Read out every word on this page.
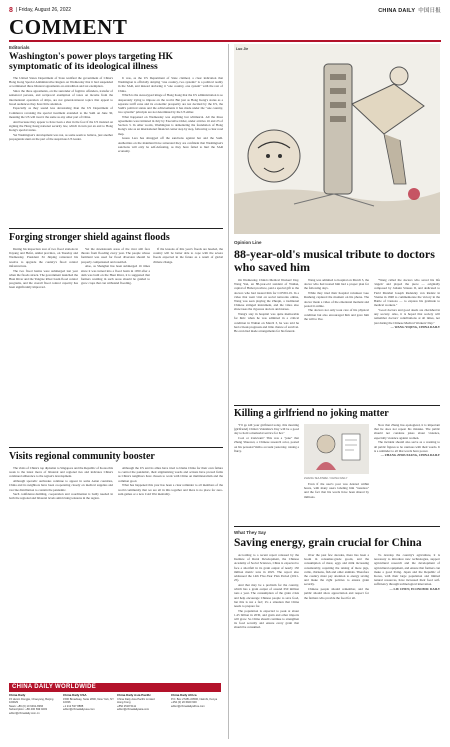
8 | Friday, August 26, 2022	CHINA DAILY 中国日报
COMMENT
Editorials
Washington's power ploys targeting HK symptomatic of its ideological illness

The United States Department of State testified the government of China's Hong Kong Special Administrative Region on Wednesday that it had suspended or terminated three bilateral agreements on extradition and tax exemption.

Since the three agreements, on the surrender of fugitive offenders, transfer of sentenced persons, and reciprocal exemption of taxes on income from the international operation of ships, are not general-interest topics that appeal to broad audiences they have little attention.

Especially as they sound less devastating than the US Department of Commerce revoking the special treatment extended to the SAR on June 30, meaning the US will treat it the same as any other part of China.

And because they appear to have been a shot in the foot if the US insisted on signing the Hong Kong national security law, which in turn put an end to Hong Kong's special status.

Yet Washington's development was not, as some seem to believe, just another propaganda stunt on the part of the suspicious US leader.

It was, as the US Department of State claimed, a clear indication that Washington is officially denying "one country, two systems" is a political reality in the SAR, and instead declaring it "one country, one system" with the rest of China.

Which is the stereotyped image of Hong Kong that the US administration is so desperately trying to impose on the world. But just as Hong Kong's status as a separate tariff zone and its economic prosperity are not decided by the US, the SAR's political status and the achievements it has made under the "one country, two systems" principle are not determined by the US either.

What happened on Wednesday was anything but whimsical. All the three agreements were initiated in July by Executive Order, under articles 16 and 23 of Section 3. In other words, Washington is demonizing the foundation of Hong Kong's role as an international financial center step by step, following a clear road map.

Guess Lara has shrugged off the sanctions against her and the SAR. Authorities on the mainland have reiterated they are confident that Washington's sanctions will only be self-defeating, as they have failed to hurt the SAR economy.

Forging stronger shield against floods

During his inspection tour of two flood stations in Jiayang and Hefei, Anhui province, on Tuesday and Wednesday, President Xi Jinping reiterated his resolve to upgrade the country's flood control infrastructure.

The two flood basins were submerged last year when the floods struck. The government launched the Huai River and the Yangtze River basin flood control programs, and the overall flood control capacity has been significantly improved.

Yet the downstream areas of the river still face threats from flooding every year. The people whose farmland was used for flood diversion should be properly compensated and resettled.

Also, as Shanghai has been submerged 16 times since it was turned into a flood basin in 1950 after a dam was built on the Huai River, it is suggested that farmers residing in such areas should be guided to grow crops that can withstand flooding.

If the lessons of this year's floods are heeded, the country will be better able to cope with the severe floods expected in the future as a result of global climate change.

Visits regional community booster

The visits of China's top diplomat to Singapore and the Republic of Korea this week is the latest move of bilateral and regional ties and indicates China's continued adherence to the region's development.

Although sporadic outbreaks continue to appear in some Asian countries, China and its neighbors have been cooperating closely on medical supplies and vaccine distribution to contain the pandemic.

Such confidence-building, cooperation and coordination is badly needed in both the regional and bilateral levels amid rising tensions in the region.

Although the US and its allies have tried to blame China for their own failure to control the pandemic, their stigmatizing words and actions have proved futile as China's neighbors have chosen to work with China on multilateralism and the common good.

What has happened this year has been a clear reminder to all members of the world community that we are all in this together and there is no place for zero-sum games or a new Cold War mentality.

CHINA DAILY WORLDWIDE
China Daily
15 Huixin Dongjie, Chaoyang, Beijing 100029
News: +86 (0) 10 6491-8366
Subscription: +86 400 699 0203
editor@chinadaily.com.cn
China Daily USA
1500 Broadway, Suite 2800, New York, NY 10036
+1 212 537 8888
editor@chinadailyusa.com
China Daily Asia Pacific
China Daily Asia Pacific Limited
Hong Kong
+852 2518 5111
editor@chinadailyasia.com
China Daily Africa
P.O. Box 27281-00506, Nairobi, Kenya
+254 (0) 20 6920 900
editor@chinadailyafrica.com
Luo Jie
Opinion Line
88-year-old's musical tribute to doctors who saved him

On Wednesday, China's Medical Workers' Day, Wang Yan, an 88-year-old resident of Wuhan, capital of Hubei province, paid a special gift to the doctors who had treated him for COVID-19. In a video that went viral on social networks online, Wang was seen playing the Zhuqin, a traditional Chinese stringed instrument, and the video also showcases the vigorous doctors and nurses.

Wang's stay in hospital was quite memorable for him: when he was admitted in a critical condition in Wuhan on March 3, he was told he had a bleak prognosis and little chance of survival. He even had made arrangements for his funeral.

Wang was admitted to hospital on March 3, the doctor who had treated him had a proper plan for the following days.

While they tried their hospital volunteer Guo Rusheng captured the moment on his phone. The doctor made a video of the emotional moment and posted it online.

The doctors not only took care of his physical condition but also encouraged him and gave him the will to live.

"Wang called the doctors who saved his life 'angels' and played the piece — originally composed by Johann Strauss II, and dedicated to Field Marshal Joseph Radetzky von Radetz in Vienna in 1848 to commemorate the victory in the Battle of Custoza — to express his gratitude to medical workers."

"Good doctors and good deeds are cherished in any society. Also, it is hoped that society will remember doctors' contributions at all times, not just during the Chinese Medical Workers' Day."

— WANG YIQING, CHINA DAILY

Killing a girlfriend no joking matter

"I'll go kill your girlfriend today, this morning (girlfriend) China's Valentine's Day will be a good day to hold a memorial service for her."

Cool or irrelevant? This was a "joke" that Zhang Shuowei, a Chinese research actor, posted on his personal Weibo account yesterday, raising a flurry.

ZHANG SHUOWEI / CHINA DAILY

Even if the user's post was deleted within hours, with many users labeling him "tasteless" and the fact that his words have been shared by millions.

Now that Zhang has apologized, it is important that he does not repeat his mistake. The public should not condone jokes about violence, especially violence against women.

The incident should also serve as a warning to all public figures to be cautious with their words. It is a reminder to all that words have power.

— ZHANG ZHOUXIANG, CHINA DAILY

What They Say
Saving energy, grain crucial for China

According to a recent report released by the Institute of Rural Development, the Chinese Academy of Social Sciences, China is expected to face a shortfall in its grain output of nearly 130 million metric tons in 2025. The report also addressed the 14th Five-Year Plan Period (2021-25).

And that may be a problem for the country, which has a grain output of around 650 million tons a year. The consumption of the grain crisis and help encourage Chinese people to save food, but this is not a fact; it's a situation that China needs to prepare for.

The population is expected to peak at about 1.45 billion in 2030, and grain and other imports will grow. So China should continue to strengthen its food security and ensure every grain that should be consumed.

Over the past few decades, there has been a boom in consumer-grade goods, and the consumption of meat, eggs and milk increasing considerably, requiring the raising of more pigs, cattle, chickens, fish and other animals. Therefore the country must pay attention to energy saving and make the right policies to ensure grain security.

Chinese people should remember, and the public should show appreciation and respect for the farmers who provide the food for all.

To develop the country's agriculture, it is necessary to introduce new technologies, support agricultural research and the development of agricultural equipment, and ensure that farmers can make a good living. Japan and the Republic of Korea, with their large population and limited natural resources, have increased their food self-sufficiency through technological innovation.

— LIU CHUN, ECONOMIC DAILY
